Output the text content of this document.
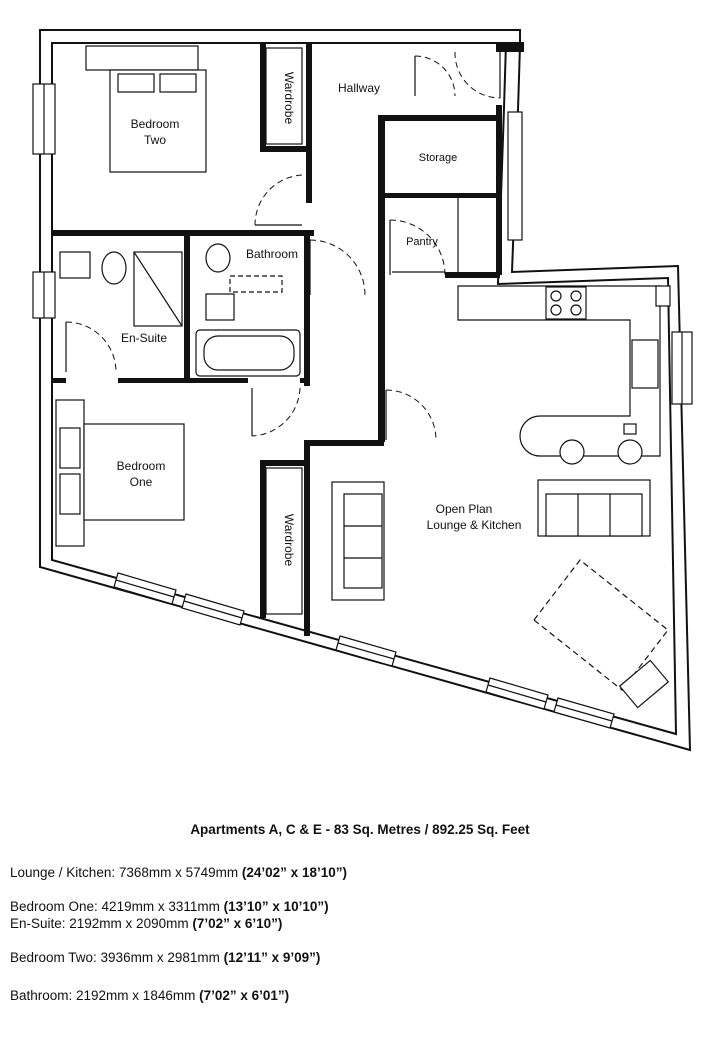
Hallway
Bedroom
Two
Wardrobe
Storage
Pantry
Bathroom
En-Suite
Bedroom
One
Wardrobe
Open Plan
Lounge & Kitchen
Apartments A, C & E - 83 Sq. Metres / 892.25 Sq. Feet

Lounge / Kitchen: 7368mm x 5749mm (24’02” x 18’10”)

Bedroom One: 4219mm x 3311mm (13’10” x 10’10”)

En-Suite: 2192mm x 2090mm (7’02” x 6’10”)

Bedroom Two: 3936mm x 2981mm (12’11” x 9’09”)

Bathroom: 2192mm x 1846mm (7’02” x 6’01”)
